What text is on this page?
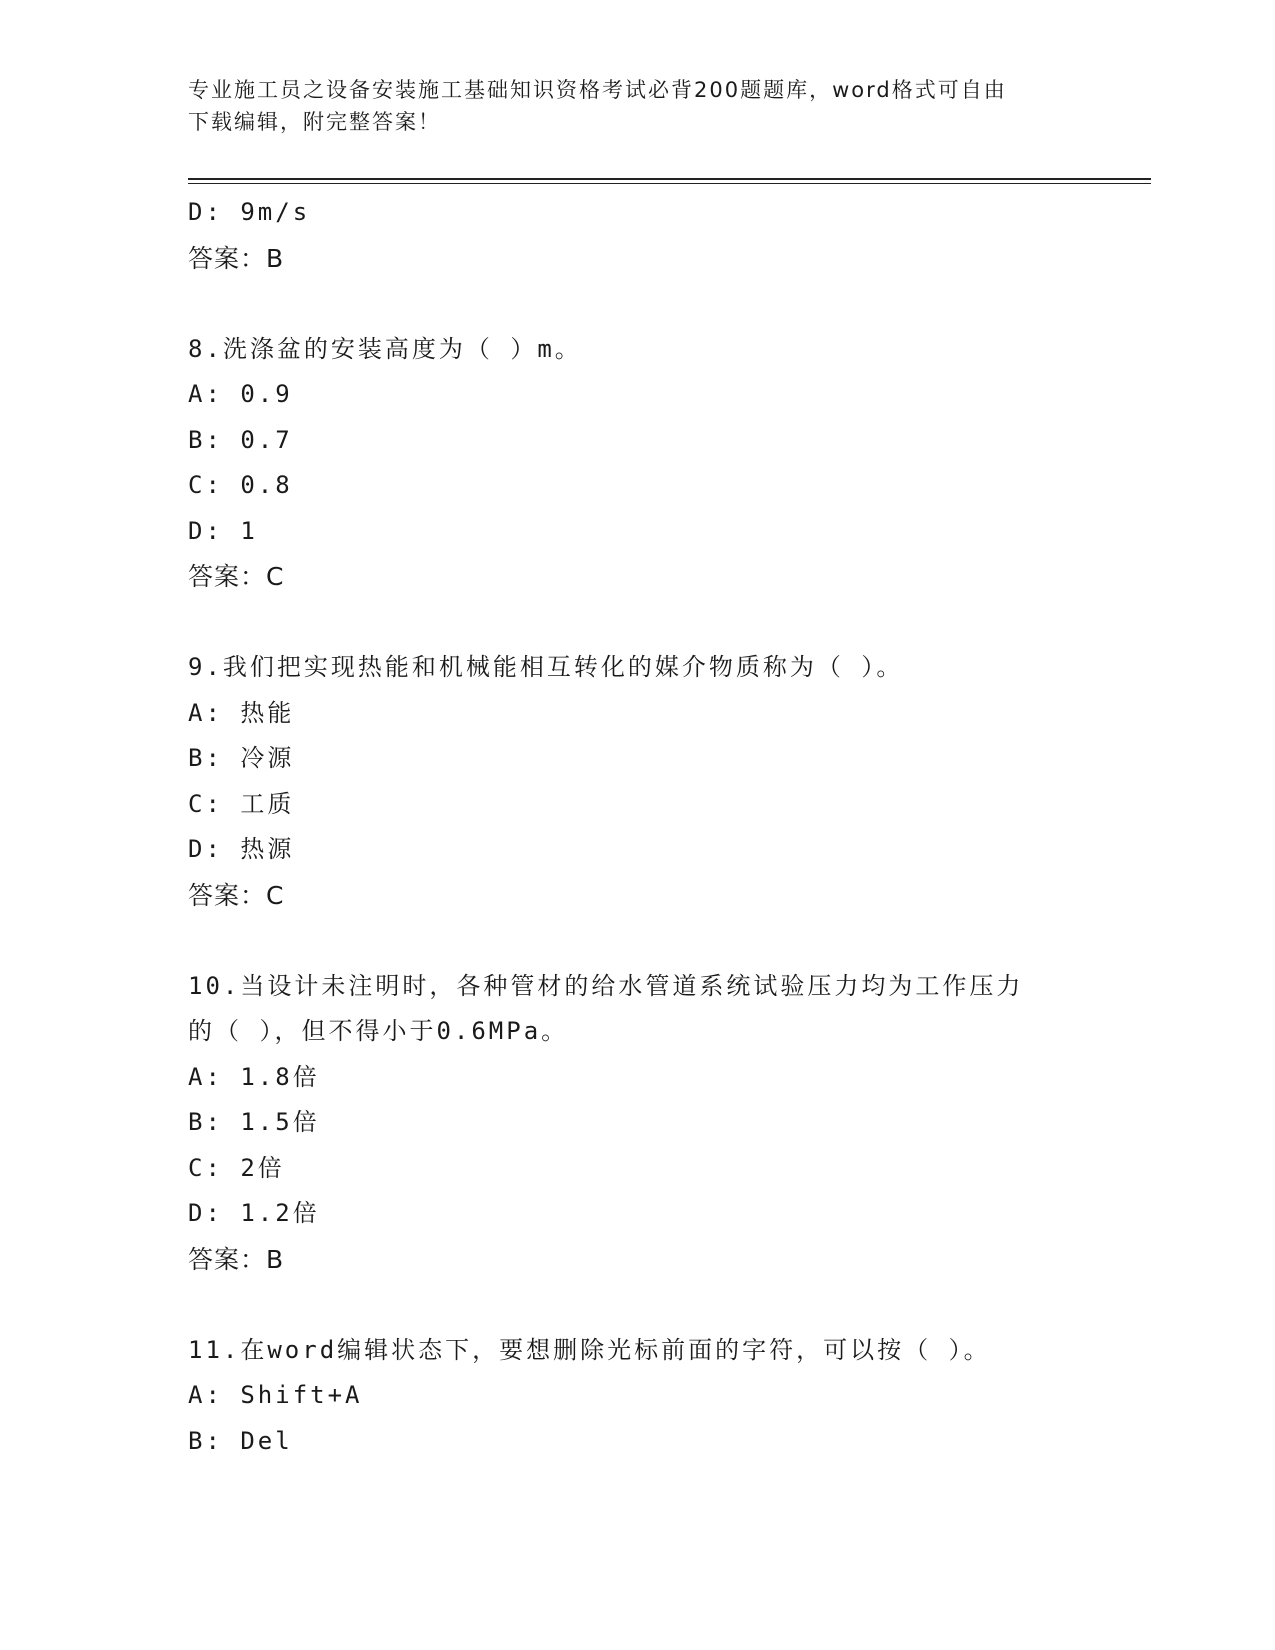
专业施工员之设备安装施工基础知识资格考试必背200题题库，word格式可自由
下载编辑，附完整答案！
D: 9m/s
答案：B
8.洗涤盆的安装高度为（ ）m。
A: 0.9
B: 0.7
C: 0.8
D: 1
答案：C
9.我们把实现热能和机械能相互转化的媒介物质称为（ ）。
A: 热能
B: 冷源
C: 工质
D: 热源
答案：C
10.当设计未注明时，各种管材的给水管道系统试验压力均为工作压力
的（ ），但不得小于0.6MPa。
A: 1.8倍
B: 1.5倍
C: 2倍
D: 1.2倍
答案：B
11.在word编辑状态下，要想删除光标前面的字符，可以按（ ）。
A: Shift+A
B: Del
